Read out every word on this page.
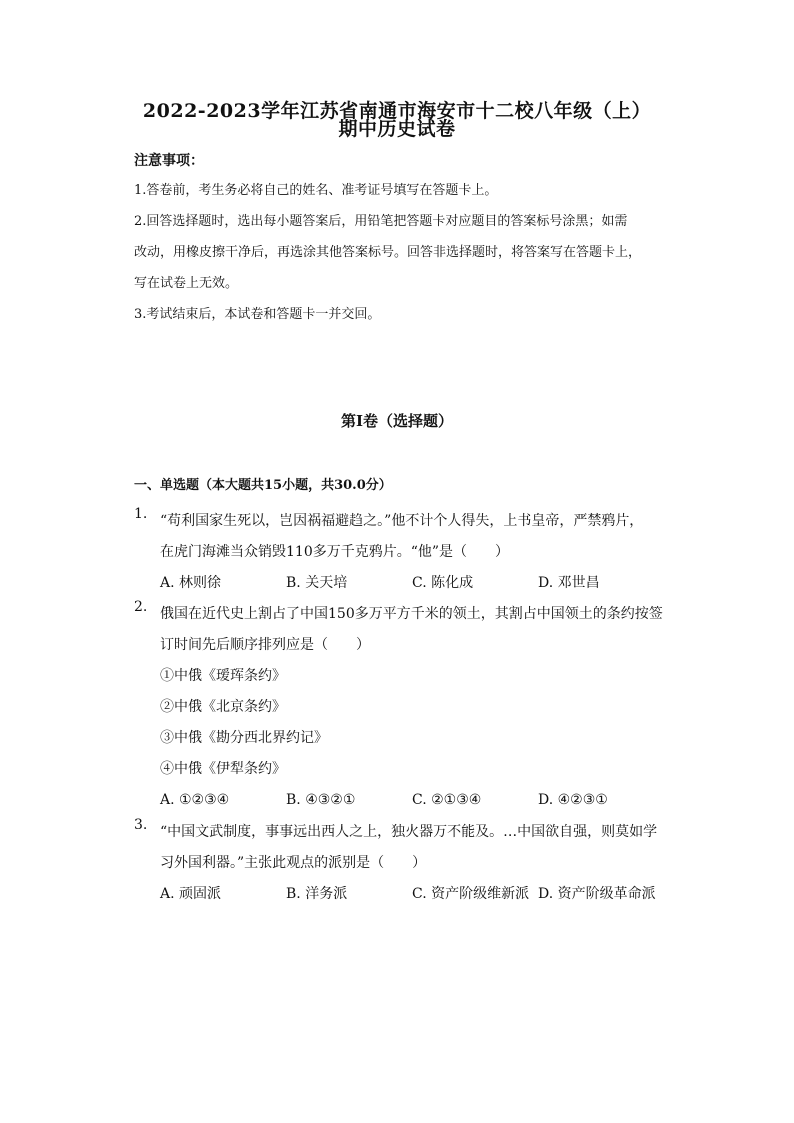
2022-2023学年江苏省南通市海安市十二校八年级（上）
期中历史试卷
注意事项：
1.答卷前，考生务必将自己的姓名、准考证号填写在答题卡上。
2.回答选择题时，选出每小题答案后，用铅笔把答题卡对应题目的答案标号涂黑；如需
改动，用橡皮擦干净后，再选涂其他答案标号。回答非选择题时，将答案写在答题卡上，
写在试卷上无效。
3.考试结束后，本试卷和答题卡一并交回。
第I卷（选择题）
一、单选题（本大题共15小题，共30.0分）
1. “苟利国家生死以，岂因祸福避趋之。”他不计个人得失，上书皇帝，严禁鸦片，
在虎门海滩当众销毁110多万千克鸦片。“他”是（　　）
A. 林则徐	B. 关天培	C. 陈化成	D. 邓世昌
2. 俄国在近代史上割占了中国150多万平方千米的领土，其割占中国领土的条约按签
订时间先后顺序排列应是（　　）
①中俄《瑷珲条约》
②中俄《北京条约》
③中俄《勘分西北界约记》
④中俄《伊犁条约》
A. ①②③④	B. ④③②①	C. ②①③④	D. ④②③①
3. “中国文武制度，事事远出西人之上，独火器万不能及。…中国欲自强，则莫如学
习外国利器。”主张此观点的派别是（　　）
A. 顽固派	B. 洋务派	C. 资产阶级维新派 D. 资产阶级革命派
